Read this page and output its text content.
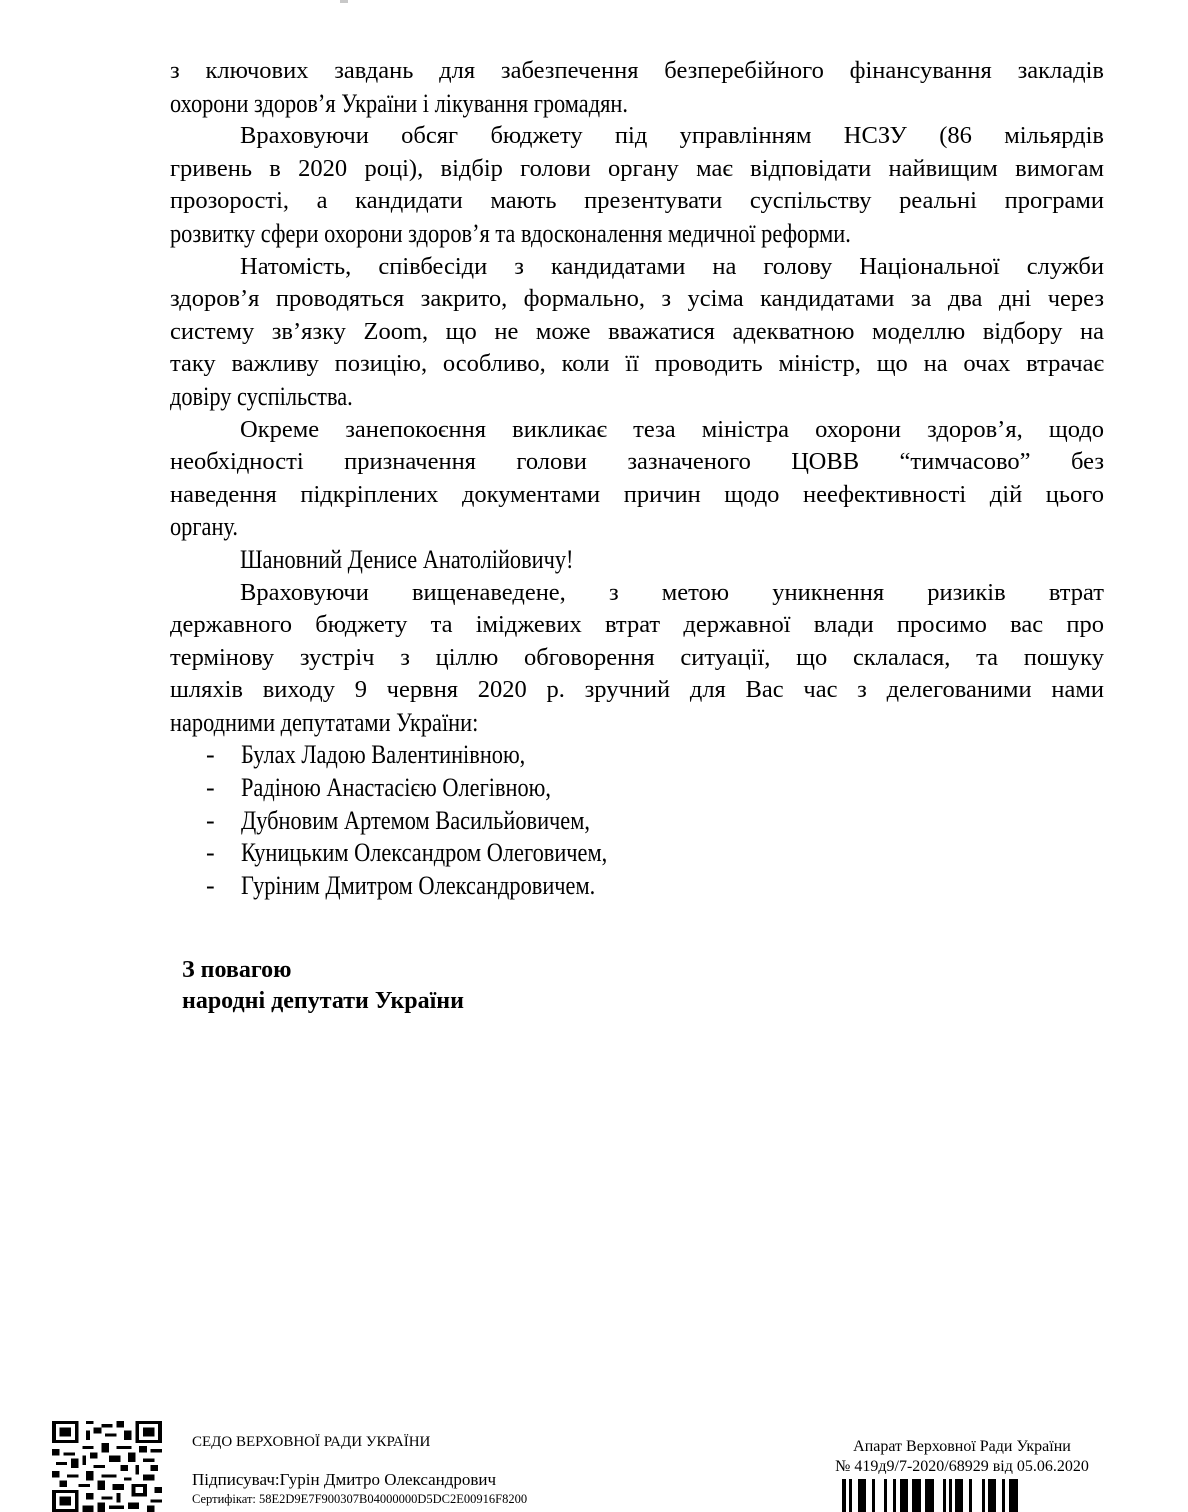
з ключових завдань для забезпечення безперебійного фінансування закладів
охорони здоров’я України і лікування громадян.
Враховуючи обсяг бюджету під управлінням НСЗУ (86 мільярдів
гривень в 2020 році), відбір голови органу має відповідати найвищим вимогам
прозорості, а кандидати мають презентувати суспільству реальні програми
розвитку сфери охорони здоров’я та вдосконалення медичної реформи.
Натомість, співбесіди з кандидатами на голову Національної служби
здоров’я проводяться закрито, формально, з усіма кандидатами за два дні через
систему зв’язку Zoom, що не може вважатися адекватною моделлю відбору на
таку важливу позицію, особливо, коли її проводить міністр, що на очах втрачає
довіру суспільства.
Окреме занепокоєння викликає теза міністра охорони здоров’я, щодо
необхідності призначення голови зазначеного ЦОВВ “тимчасово” без
наведення підкріплених документами причин щодо неефективності дій цього
органу.
Шановний Денисе Анатолійовичу!
Враховуючи вищенаведене, з метою уникнення ризиків втрат
державного бюджету та іміджевих втрат державної влади просимо вас про
термінову зустріч з ціллю обговорення ситуації, що склалася, та пошуку
шляхів виходу 9 червня 2020 р. зручний для Вас час з делегованими нами
народними депутатами України:
- Булах Ладою Валентинівною,
- Радіною Анастасією Олегівною,
- Дубновим Артемом Васильйовичем,
- Куницьким Олександром Олеговичем,
- Гуріним Дмитром Олександровичем.
З повагою
народні депутати України
СЕДО ВЕРХОВНОЇ РАДИ УКРАЇНИ
Підписувач:Гурін Дмитро Олександрович
Сертифікат: 58E2D9E7F900307B04000000D5DC2E00916F8200
Апарат Верховної Ради України
№ 419д9/7-2020/68929 від 05.06.2020
